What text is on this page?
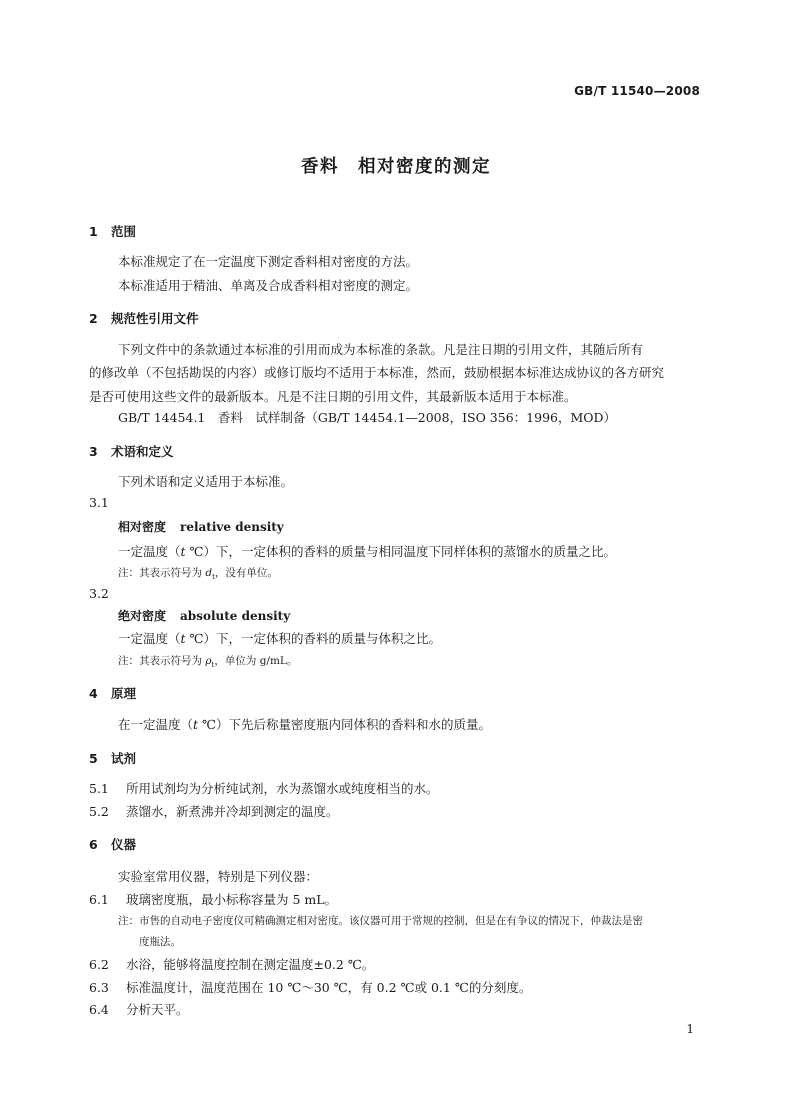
GB/T 11540—2008
香料　相对密度的测定
1 范围
本标准规定了在一定温度下测定香料相对密度的方法。
本标准适用于精油、单离及合成香料相对密度的测定。
2 规范性引用文件
下列文件中的条款通过本标准的引用而成为本标准的条款。凡是注日期的引用文件，其随后所有
的修改单（不包括勘误的内容）或修订版均不适用于本标准，然而，鼓励根据本标准达成协议的各方研究
是否可使用这些文件的最新版本。凡是不注日期的引用文件，其最新版本适用于本标准。
GB/T 14454.1　香料　试样制备（GB/T 14454.1—2008，ISO 356：1996，MOD）
3 术语和定义
下列术语和定义适用于本标准。
3.1
相对密度 relative density
一定温度（t ℃）下，一定体积的香料的质量与相同温度下同样体积的蒸馏水的质量之比。
注：其表示符号为 $d_t$，没有单位。
3.2
绝对密度 absolute density
一定温度（t ℃）下，一定体积的香料的质量与体积之比。
注：其表示符号为 $\rho_t$，单位为 g/mL。
4 原理
在一定温度（t ℃）下先后称量密度瓶内同体积的香料和水的质量。
5 试剂
5.1 所用试剂均为分析纯试剂，水为蒸馏水或纯度相当的水。
5.2 蒸馏水，新煮沸并冷却到测定的温度。
6 仪器
实验室常用仪器，特别是下列仪器：
6.1 玻璃密度瓶，最小标称容量为 5 mL。
注：市售的自动电子密度仪可精确测定相对密度。该仪器可用于常规的控制，但是在有争议的情况下，仲裁法是密
度瓶法。
6.2 水浴，能够将温度控制在测定温度±0.2 ℃。
6.3 标准温度计，温度范围在 10 ℃～30 ℃，有 0.2 ℃或 0.1 ℃的分刻度。
6.4 分析天平。
1
